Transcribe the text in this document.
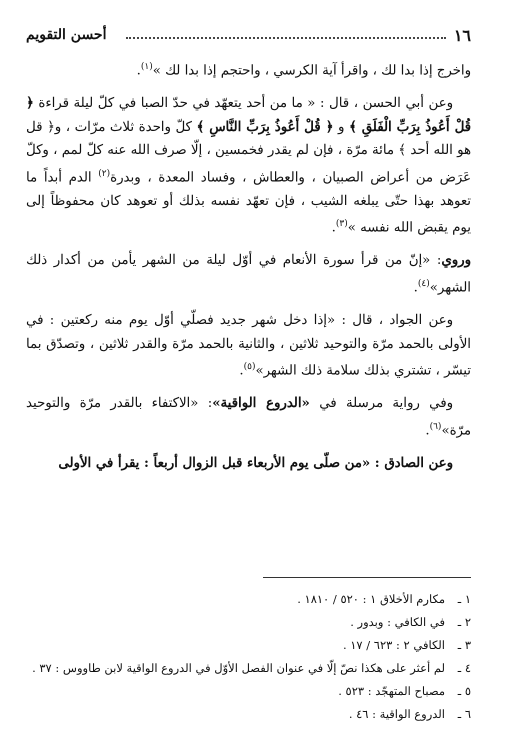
١٦
أحسن التقويم

واخرج إذا بدا لك ، واقرأ آية الكرسي ، واحتجم إذا بدا لك »$^{(١)}$.

وعن أبي الحسن ، قال : « ما من أحد يتعهّد في حدّ الصبا في كلّ ليلة قراءة ﴿ قُلْ أَعُوذُ بِرَبِّ الْفَلَقِ ﴾ و ﴿ قُلْ أَعُوذُ بِرَبِّ النَّاسِ ﴾ كلّ واحدة ثلاث مرّات ، و﴿ قل هو الله أحد ﴾ مائة مرّة ، فإن لم يقدر فخمسين ، إلّا صرف الله عنه كلّ لمم ، وكلّ عَرَض من أعراض الصبيان ، والعطاش ، وفساد المعدة ، وبدرة$^{(٢)}$ الدم أبداً ما تعوهد بهذا حتّى يبلغه الشيب ، فإن تعهّد نفسه بذلك أو تعوهد كان محفوظاً إلى يوم يقبض الله نفسه »$^{(٣)}$.

وروي: «إنّ من قرأ سورة الأنعام في أوّل ليلة من الشهر يأمن من أكدار ذلك الشهر»$^{(٤)}$.

وعن الجواد ، قال : «إذا دخل شهر جديد فصلّي أوّل يوم منه ركعتين : في الأولى بالحمد مرّة والتوحيد ثلاثين ، والثانية بالحمد مرّة والقدر ثلاثين ، وتصدّق بما تيسّر ، تشتري بذلك سلامة ذلك الشهر»$^{(٥)}$.

وفي رواية مرسلة في «الدروع الواقية»: «الاكتفاء بالقدر مرّة والتوحيد مرّة»$^{(٦)}$.

وعن الصادق : «من صلّى يوم الأربعاء قبل الزوال أربعاً : يقرأ في الأولى

١ ـ
مكارم الأخلاق ١ : ٥٢٠ / ١٨١٠ .
٢ ـ
في الكافي : وبدور .
٣ ـ
الكافي ٢ : ٦٢٣ / ١٧ .
٤ ـ
لم أعثر على هكذا نصّ إلّا في عنوان الفصل الأوّل في الدروع الواقية لابن طاووس : ٣٧ .
٥ ـ
مصباح المتهجّد : ٥٢٣ .
٦ ـ
الدروع الواقية : ٤٦ .
